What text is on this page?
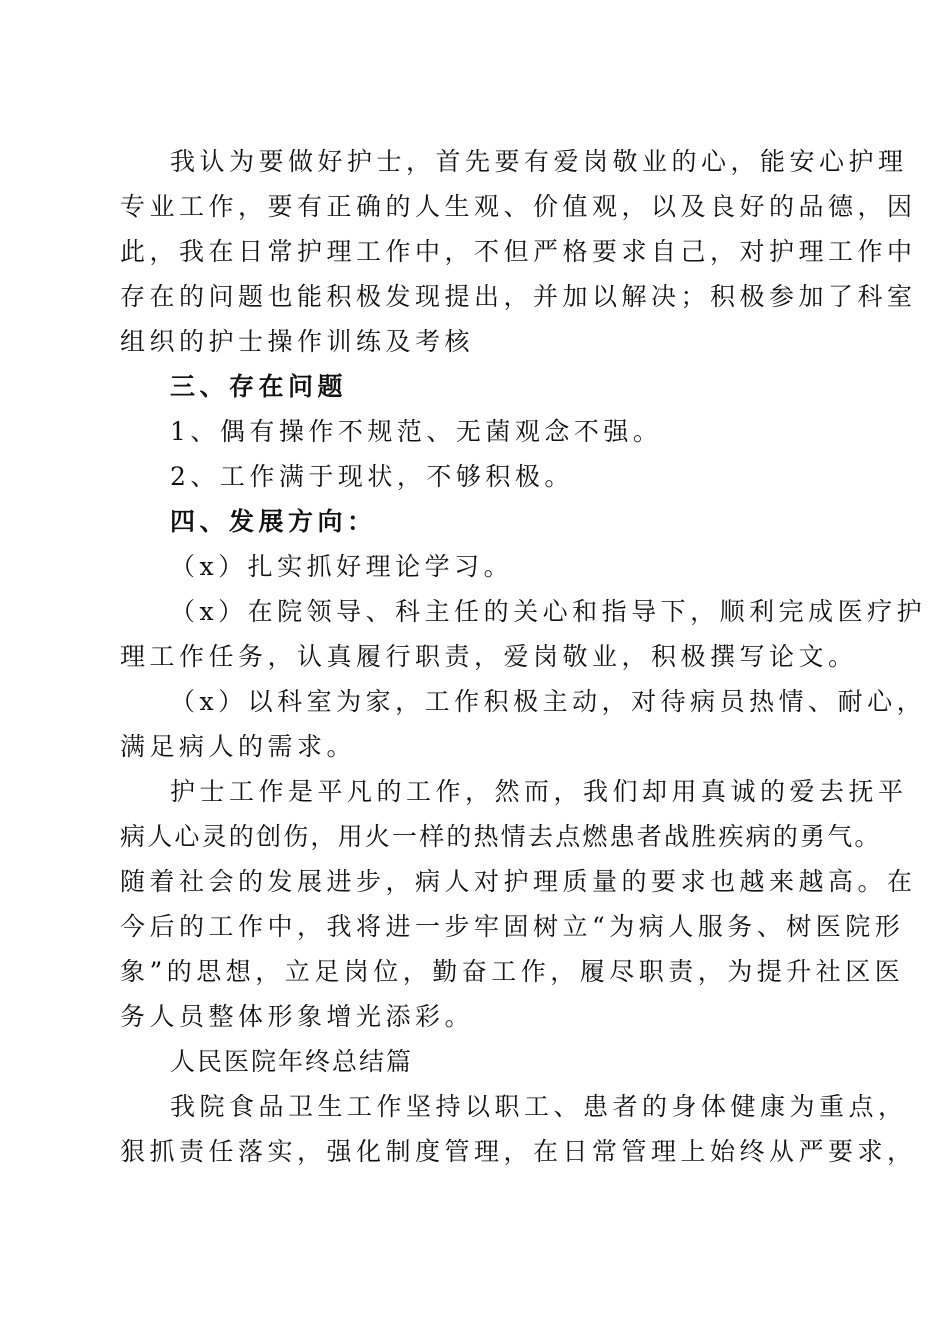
我认为要做好护士，首先要有爱岗敬业的心，能安心护理
专业工作，要有正确的人生观、价值观，以及良好的品德，因
此，我在日常护理工作中，不但严格要求自己，对护理工作中
存在的问题也能积极发现提出，并加以解决；积极参加了科室
组织的护士操作训练及考核
三、存在问题
1、偶有操作不规范、无菌观念不强。
2、工作满于现状，不够积极。
四、发展方向：
（x）扎实抓好理论学习。
（x）在院领导、科主任的关心和指导下，顺利完成医疗护
理工作任务，认真履行职责，爱岗敬业，积极撰写论文。
（x）以科室为家，工作积极主动，对待病员热情、耐心，
满足病人的需求。
护士工作是平凡的工作，然而，我们却用真诚的爱去抚平
病人心灵的创伤，用火一样的热情去点燃患者战胜疾病的勇气。
随着社会的发展进步，病人对护理质量的要求也越来越高。在
今后的工作中，我将进一步牢固树立“为病人服务、树医院形
象”的思想，立足岗位，勤奋工作，履尽职责，为提升社区医
务人员整体形象增光添彩。
人民医院年终总结篇
我院食品卫生工作坚持以职工、患者的身体健康为重点，
狠抓责任落实，强化制度管理，在日常管理上始终从严要求，
